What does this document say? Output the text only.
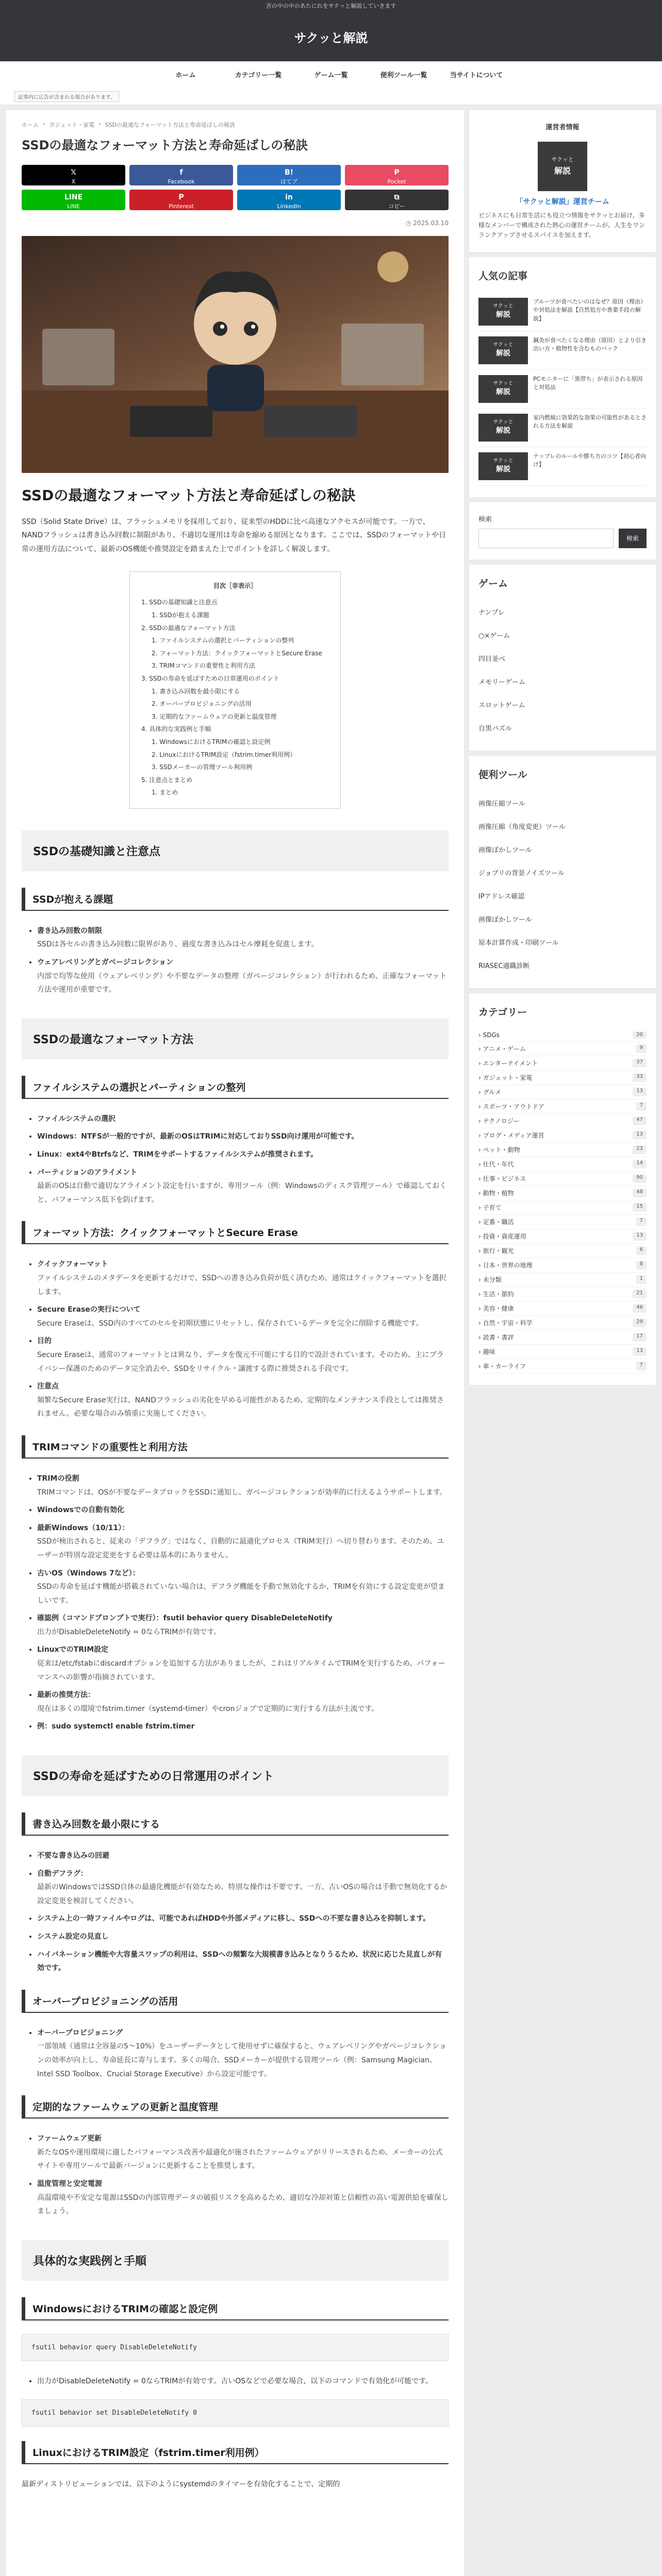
苦の中の中のあたにれをサクッと解説していきます
サクッと解説
ホーム	カテゴリー一覧	ゲーム一覧	便利ツール一覧	当サイトについて
記事内に広告が含まれる場合があります。
ホーム › ガジェット・家電 › SSDの最適なフォーマット方法と寿命延ばしの秘訣
SSDの最適なフォーマット方法と寿命延ばしの秘訣
𝕏
X
f
Facebook
B!
はてブ
P
Pocket
LINE
LINE
P
Pinterest
in
LinkedIn
⧉
コピー
◷ 2025.03.10
SSDの最適なフォーマット方法と寿命延ばしの秘訣

SSD（Solid State Drive）は、フラッシュメモリを採用しており、従来型のHDDに比べ高速なアクセスが可能です。一方で、NANDフラッシュは書き込み回数に制限があり、不適切な運用は寿命を縮める原因となります。ここでは、SSDのフォーマットや日常の運用方法について、最新のOS機能や推奨設定を踏まえた上でポイントを詳しく解説します。

目次［非表示］
1. SSDの基礎知識と注意点
1. SSDが抱える課題
2. SSDの最適なフォーマット方法
1. ファイルシステムの選択とパーティションの整列
2. フォーマット方法：クイックフォーマットとSecure Erase
3. TRIMコマンドの重要性と利用方法
3. SSDの寿命を延ばすための日常運用のポイント
1. 書き込み回数を最小限にする
2. オーバープロビジョニングの活用
3. 定期的なファームウェアの更新と温度管理
4. 具体的な実践例と手順
1. WindowsにおけるTRIMの確認と設定例
2. LinuxにおけるTRIM設定（fstrim.timer利用例）
3. SSDメーカーの管理ツール利用例
5. 注意点とまとめ
1. まとめ
SSDの基礎知識と注意点
SSDが抱える課題
• 書き込み回数の制限
SSDは各セルの書き込み回数に限界があり、過度な書き込みはセル摩耗を促進します。
• ウェアレベリングとガベージコレクション
内部で均等な使用（ウェアレベリング）や不要なデータの整理（ガベージコレクション）が行われるため、正確なフォーマット方法や運用が重要です。
SSDの最適なフォーマット方法
ファイルシステムの選択とパーティションの整列
• ファイルシステムの選択
• Windows：NTFSが一般的ですが、最新のOSはTRIMに対応しておりSSD向け運用が可能です。
• Linux：ext4やBtrfsなど、TRIMをサポートするファイルシステムが推奨されます。
• パーティションのアライメント
最新のOSは自動で適切なアライメント設定を行いますが、専用ツール（例：Windowsのディスク管理ツール）で確認しておくと、パフォーマンス低下を防げます。
フォーマット方法：クイックフォーマットとSecure Erase
• クイックフォーマット
ファイルシステムのメタデータを更新するだけで、SSDへの書き込み負荷が低く済むため、通常はクイックフォーマットを選択します。
• Secure Eraseの実行について
Secure Eraseは、SSD内のすべてのセルを初期状態にリセットし、保存されているデータを完全に削除する機能です。
• 目的
Secure Eraseは、通常のフォーマットとは異なり、データを復元不可能にする目的で設計されています。そのため、主にプライバシー保護のためのデータ完全消去や、SSDをリサイクル・譲渡する際に推奨される手段です。
• 注意点
頻繁なSecure Erase実行は、NANDフラッシュの劣化を早める可能性があるため、定期的なメンテナンス手段としては推奨されません。必要な場合のみ慎重に実施してください。
TRIMコマンドの重要性と利用方法
• TRIMの役割
TRIMコマンドは、OSが不要なデータブロックをSSDに通知し、ガベージコレクションが効率的に行えるようサポートします。
• Windowsでの自動有効化
• 最新Windows（10/11）：
SSDが検出されると、従来の「デフラグ」ではなく、自動的に最適化プロセス（TRIM実行）へ切り替わります。そのため、ユーザーが特別な設定変更をする必要は基本的にありません。
• 古いOS（Windows 7など）：
SSDの寿命を延ばす機能が搭載されていない場合は、デフラグ機能を手動で無効化するか、TRIMを有効にする設定変更が望ましいです。
• 確認例（コマンドプロンプトで実行）：fsutil behavior query DisableDeleteNotify
出力がDisableDeleteNotify = 0ならTRIMが有効です。
• LinuxでのTRIM設定
従来は/etc/fstabにdiscardオプションを追加する方法がありましたが、これはリアルタイムでTRIMを実行するため、パフォーマンスへの影響が指摘されています。
• 最新の推奨方法：
現在は多くの環境でfstrim.timer（systemd-timer）やcronジョブで定期的に実行する方法が主流です。
• 例：sudo systemctl enable fstrim.timer
SSDの寿命を延ばすための日常運用のポイント
書き込み回数を最小限にする
• 不要な書き込みの回避
• 自動デフラグ：
最新のWindowsではSSD自体の最適化機能が有効なため、特別な操作は不要です。一方、古いOSの場合は手動で無効化するか設定変更を検討してください。
• システム上の一時ファイルやログは、可能であればHDDや外部メディアに移し、SSDへの不要な書き込みを抑制します。
• システム設定の見直し
• ハイバネーション機能や大容量スワップの利用は、SSDへの頻繁な大規模書き込みとなりうるため、状況に応じた見直しが有効です。
オーバープロビジョニングの活用
• オーバープロビジョニング
一部領域（通常は全容量の5〜10%）をユーザーデータとして使用せずに確保すると、ウェアレベリングやガベージコレクションの効率が向上し、寿命延長に寄与します。多くの場合、SSDメーカーが提供する管理ツール（例：Samsung Magician、Intel SSD Toolbox、Crucial Storage Executive）から設定可能です。
定期的なファームウェアの更新と温度管理
• ファームウェア更新
新たなOSや運用環境に適したパフォーマンス改善や最適化が施されたファームウェアがリリースされるため、メーカーの公式サイトや専用ツールで最新バージョンに更新することを推奨します。
• 温度管理と安定電源
高温環境や不安定な電源はSSDの内部管理データの破損リスクを高めるため、適切な冷却対策と信頼性の高い電源供給を確保しましょう。
具体的な実践例と手順
WindowsにおけるTRIMの確認と設定例
fsutil behavior query DisableDeleteNotify
• 出力がDisableDeleteNotify = 0ならTRIMが有効です。古いOSなどで必要な場合、以下のコマンドで有効化が可能です。
fsutil behavior set DisableDeleteNotify 0
LinuxにおけるTRIM設定（fstrim.timer利用例）

最新ディストリビューションでは、以下のようにsystemdのタイマーを有効化することで、定期的

運営者情報
サクッと
解説
「サクッと解説」運営チーム
ビジネスにも日常生活にも役立つ情報をサクッとお届け。多様なメンバーで構成された熱心の運営チームが、人生をワンランクアップさせるスパイスを加えます。
人気の記事
サクッと
解説
ブルーツが食べたいのはなぜ？原因（理由）や対処法を解説【自然処方や香薬手段の解説】
サクッと
解説
鍼灸が食べたくなる理由（原因）とより引き出い方・植物性を含むものバック
サクッと
解説
PCモニターに「黒帯ち」が表示される原因と対処法
サクッと
解説
室内燃焼に効果的な効果の可能性があるとされる方法を解説
サクッと
解説
ナップレのルールや勝ち方のコツ【初心者向け】
検索
検索
ゲーム
ナンプレ
○×ゲーム
四目並べ
メモリーゲーム
スロットゲーム
自黒パズル
便利ツール
画像圧縮ツール
画像圧縮（角度変更）ツール
画像ぼかしツール
ジョブリの背景ノイズツール
IPアドレス確認
画像ぼかしツール
原本計算作成・印刷ツール
RIASEC適職診断
カテゴリー
› SDGs	20
› アニメ・ゲーム	9
› エンターテイメント	37
› ガジェット・家電	33
› グルメ	13
› スポーツ・アウトドア	7
› テクノロジー	47
› ブログ・メディア運営	13
› ペット・動物	23
› 仕代・年代	14
› 仕事・ビジネス	90
› 動物・植物	48
› 子育て	15
› 定番・職活	7
› 投資・資産運用	13
› 旅行・観光	6
› 日本・世界の地理	8
› 未分類	1
› 生活・節約	21
› 美容・健康	46
› 自然・宇宙・科学	29
› 読書・書評	17
› 趣味	13
› 車・カーライフ	7
